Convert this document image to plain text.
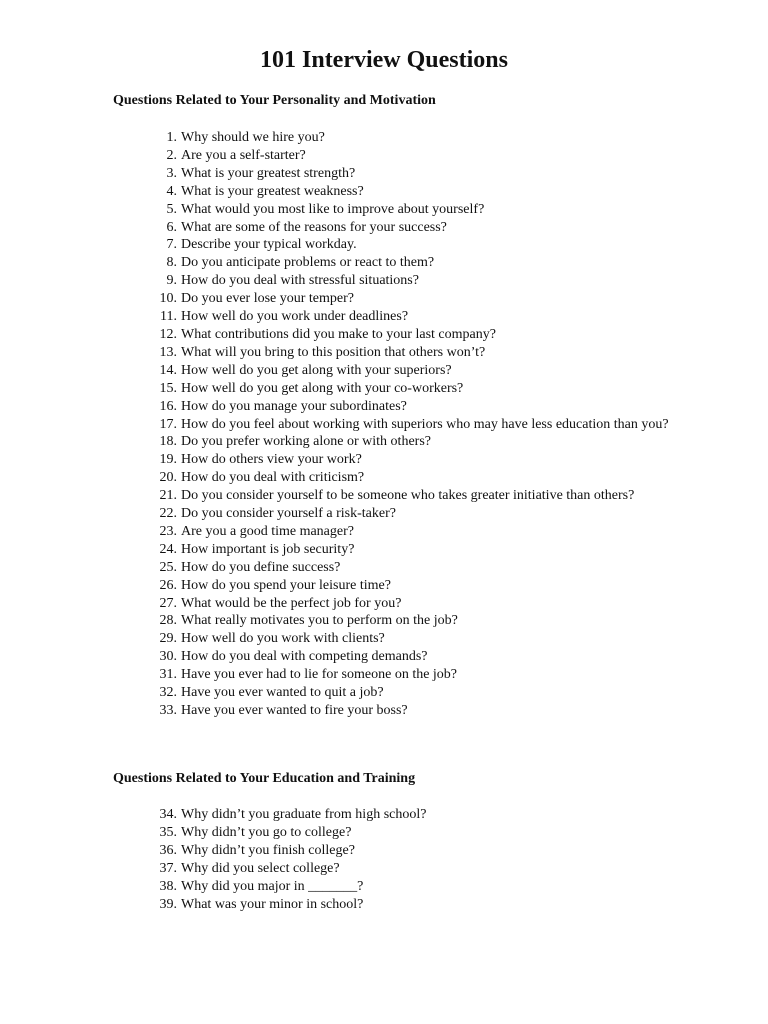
101 Interview Questions
Questions Related to Your Personality and Motivation
1. Why should we hire you?
2. Are you a self-starter?
3. What is your greatest strength?
4. What is your greatest weakness?
5. What would you most like to improve about yourself?
6. What are some of the reasons for your success?
7. Describe your typical workday.
8. Do you anticipate problems or react to them?
9. How do you deal with stressful situations?
10. Do you ever lose your temper?
11. How well do you work under deadlines?
12. What contributions did you make to your last company?
13. What will you bring to this position that others won’t?
14. How well do you get along with your superiors?
15. How well do you get along with your co-workers?
16. How do you manage your subordinates?
17. How do you feel about working with superiors who may have less education than you?
18. Do you prefer working alone or with others?
19. How do others view your work?
20. How do you deal with criticism?
21. Do you consider yourself to be someone who takes greater initiative than others?
22. Do you consider yourself a risk-taker?
23. Are you a good time manager?
24. How important is job security?
25. How do you define success?
26. How do you spend your leisure time?
27. What would be the perfect job for you?
28. What really motivates you to perform on the job?
29. How well do you work with clients?
30. How do you deal with competing demands?
31. Have you ever had to lie for someone on the job?
32. Have you ever wanted to quit a job?
33. Have you ever wanted to fire your boss?
Questions Related to Your Education and Training
34. Why didn’t you graduate from high school?
35. Why didn’t you go to college?
36. Why didn’t you finish college?
37. Why did you select college?
38. Why did you major in _______?
39. What was your minor in school?
